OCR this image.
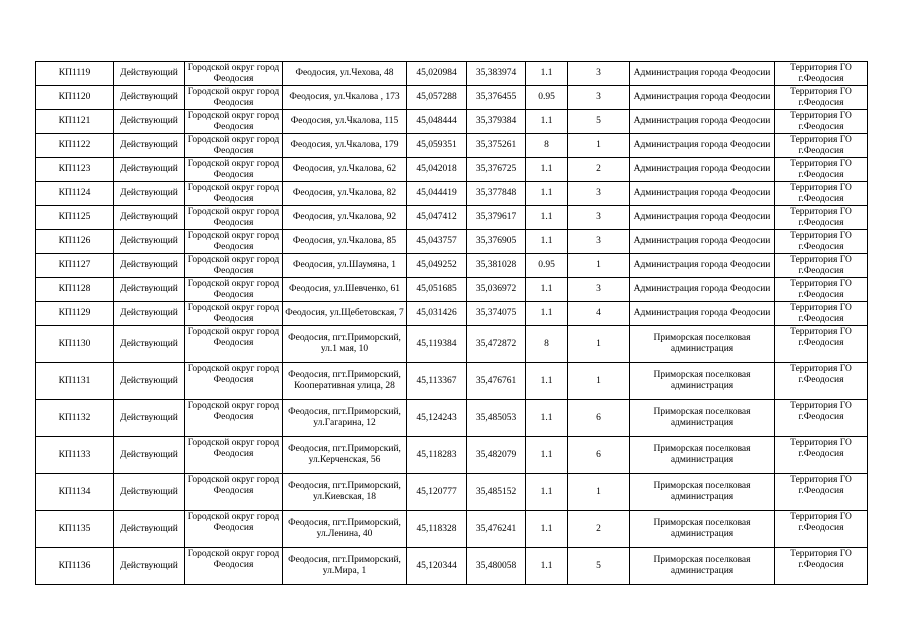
КП1119	Действующий	Городской округ город Феодосия	Феодосия, ул.Чехова, 48	45,020984	35,383974	1.1	3	Администрация города Феодосии	Территория ГО г.Феодосия
КП1120	Действующий	Городской округ город Феодосия	Феодосия, ул.Чкалова , 173	45,057288	35,376455	0.95	3	Администрация города Феодосии	Территория ГО г.Феодосия
КП1121	Действующий	Городской округ город Феодосия	Феодосия, ул.Чкалова, 115	45,048444	35,379384	1.1	5	Администрация города Феодосии	Территория ГО г.Феодосия
КП1122	Действующий	Городской округ город Феодосия	Феодосия, ул.Чкалова, 179	45,059351	35,375261	8	1	Администрация города Феодосии	Территория ГО г.Феодосия
КП1123	Действующий	Городской округ город Феодосия	Феодосия, ул.Чкалова, 62	45,042018	35,376725	1.1	2	Администрация города Феодосии	Территория ГО г.Феодосия
КП1124	Действующий	Городской округ город Феодосия	Феодосия, ул.Чкалова, 82	45,044419	35,377848	1.1	3	Администрация города Феодосии	Территория ГО г.Феодосия
КП1125	Действующий	Городской округ город Феодосия	Феодосия, ул.Чкалова, 92	45,047412	35,379617	1.1	3	Администрация города Феодосии	Территория ГО г.Феодосия
КП1126	Действующий	Городской округ город Феодосия	Феодосия, ул.Чкалова, 85	45,043757	35,376905	1.1	3	Администрация города Феодосии	Территория ГО г.Феодосия
КП1127	Действующий	Городской округ город Феодосия	Феодосия, ул.Шаумяна, 1	45,049252	35,381028	0.95	1	Администрация города Феодосии	Территория ГО г.Феодосия
КП1128	Действующий	Городской округ город Феодосия	Феодосия, ул.Шевченко, 61	45,051685	35,036972	1.1	3	Администрация города Феодосии	Территория ГО г.Феодосия
КП1129	Действующий	Городской округ город Феодосия	Феодосия, ул.Щебетовская, 7	45,031426	35,374075	1.1	4	Администрация города Феодосии	Территория ГО г.Феодосия
КП1130	Действующий	Городской округ город Феодосия	Феодосия, пгт.Приморский, ул.1 мая, 10	45,119384	35,472872	8	1	Приморская поселковая администрация	Территория ГО г.Феодосия
КП1131	Действующий	Городской округ город Феодосия	Феодосия, пгт.Приморский, Кооперативная улица, 28	45,113367	35,476761	1.1	1	Приморская поселковая администрация	Территория ГО г.Феодосия
КП1132	Действующий	Городской округ город Феодосия	Феодосия, пгт.Приморский, ул.Гагарина, 12	45,124243	35,485053	1.1	6	Приморская поселковая администрация	Территория ГО г.Феодосия
КП1133	Действующий	Городской округ город Феодосия	Феодосия, пгт.Приморский, ул.Керченская, 56	45,118283	35,482079	1.1	6	Приморская поселковая администрация	Территория ГО г.Феодосия
КП1134	Действующий	Городской округ город Феодосия	Феодосия, пгт.Приморский, ул.Киевская, 18	45,120777	35,485152	1.1	1	Приморская поселковая администрация	Территория ГО г.Феодосия
КП1135	Действующий	Городской округ город Феодосия	Феодосия, пгт.Приморский, ул.Ленина, 40	45,118328	35,476241	1.1	2	Приморская поселковая администрация	Территория ГО г.Феодосия
КП1136	Действующий	Городской округ город Феодосия	Феодосия, пгт.Приморский, ул.Мира, 1	45,120344	35,480058	1.1	5	Приморская поселковая администрация	Территория ГО г.Феодосия
